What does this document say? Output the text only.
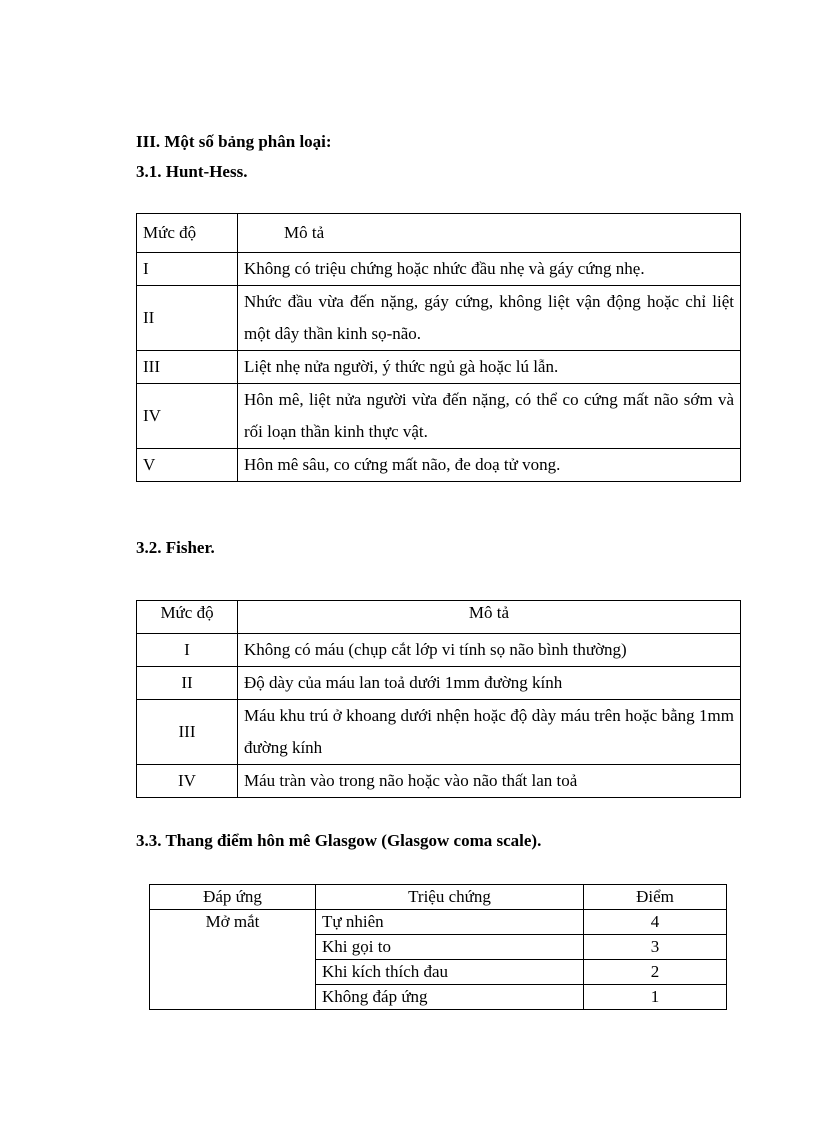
III. Một số bảng phân loại:
3.1. Hunt-Hess.
Mức độ	Mô tả
I	Không có triệu chứng hoặc nhức đầu nhẹ và gáy cứng nhẹ.
II	Nhức đầu vừa đến nặng, gáy cứng, không liệt vận động hoặc chỉ liệt một dây thần kinh sọ-não.
III	Liệt nhẹ nửa người, ý thức ngủ gà hoặc lú lẫn.
IV	Hôn mê, liệt nửa người vừa đến nặng, có thể co cứng mất não sớm và rối loạn thần kinh thực vật.
V	Hôn mê sâu, co cứng mất não, đe doạ tử vong.
3.2. Fisher.
Mức độ	Mô tả
I	Không có máu (chụp cắt lớp vi tính sọ não bình thường)
II	Độ dày của máu lan toả dưới 1mm đường kính
III	Máu khu trú ở khoang dưới nhện hoặc độ dày máu trên hoặc bằng 1mm đường kính
IV	Máu tràn vào trong não hoặc vào não thất lan toả
3.3. Thang điểm hôn mê Glasgow (Glasgow coma scale).
Đáp ứng	Triệu chứng	Điểm
Mở mắt	Tự nhiên	4
	Khi gọi to	3
	Khi kích thích đau	2
	Không đáp ứng	1
